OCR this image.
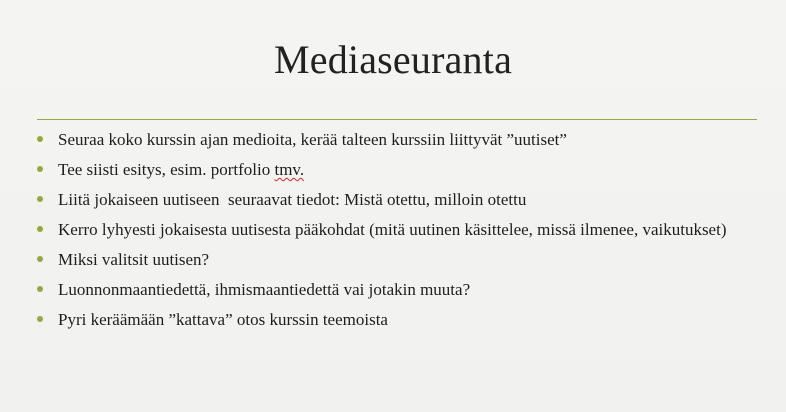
Mediaseuranta
Seuraa koko kurssin ajan medioita, kerää talteen kurssiin liittyvät ”uutiset”
Tee siisti esitys, esim. portfolio tmv.
Liitä jokaiseen uutiseen  seuraavat tiedot: Mistä otettu, milloin otettu
Kerro lyhyesti jokaisesta uutisesta pääkohdat (mitä uutinen käsittelee, missä ilmenee, vaikutukset)
Miksi valitsit uutisen?
Luonnonmaantiedettä, ihmismaantiedettä vai jotakin muuta?
Pyri keräämään ”kattava” otos kurssin teemoista
